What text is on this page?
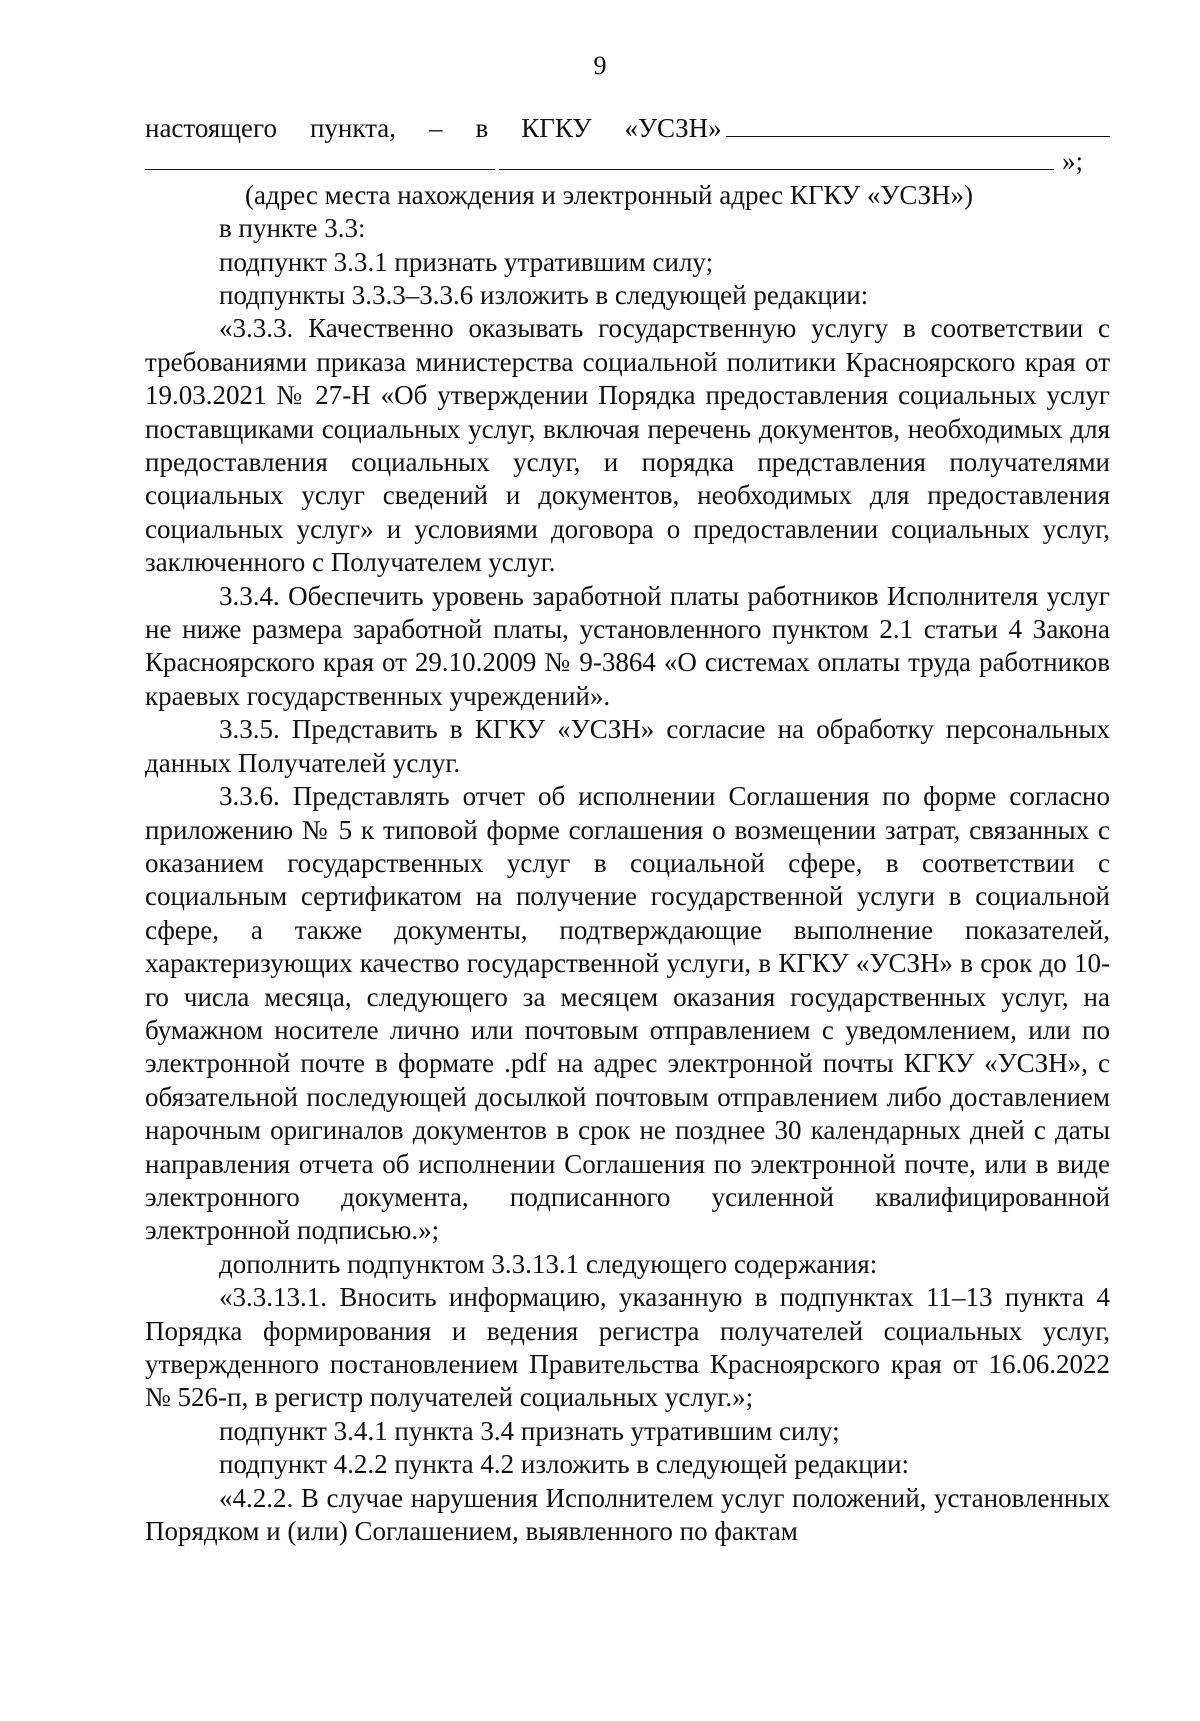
9
настоящего пункта, – в КГКУ «УСЗН»
»;

(адрес места нахождения и электронный адрес КГКУ «УСЗН»)

в пункте 3.3:

подпункт 3.3.1 признать утратившим силу;

подпункты 3.3.3–3.3.6 изложить в следующей редакции:

«3.3.3. Качественно оказывать государственную услугу в соответствии с требованиями приказа министерства социальной политики Красноярского края от 19.03.2021 № 27-Н «Об утверждении Порядка предоставления социальных услуг поставщиками социальных услуг, включая перечень документов, необходимых для предоставления социальных услуг, и порядка представления получателями социальных услуг сведений и документов, необходимых для предоставления социальных услуг» и условиями договора о предоставлении социальных услуг, заключенного с Получателем услуг.

3.3.4. Обеспечить уровень заработной платы работников Исполнителя услуг не ниже размера заработной платы, установленного пунктом 2.1 статьи 4 Закона Красноярского края от 29.10.2009 № 9-3864 «О системах оплаты труда работников краевых государственных учреждений».

3.3.5. Представить в КГКУ «УСЗН» согласие на обработку персональных данных Получателей услуг.

3.3.6. Представлять отчет об исполнении Соглашения по форме согласно приложению № 5 к типовой форме соглашения о возмещении затрат, связанных с оказанием государственных услуг в социальной сфере, в соответствии с социальным сертификатом на получение государственной услуги в социальной сфере, а также документы, подтверждающие выполнение показателей, характеризующих качество государственной услуги, в КГКУ «УСЗН» в срок до 10-го числа месяца, следующего за месяцем оказания государственных услуг, на бумажном носителе лично или почтовым отправлением с уведомлением, или по электронной почте в формате .pdf на адрес электронной почты КГКУ «УСЗН», с обязательной последующей досылкой почтовым отправлением либо доставлением нарочным оригиналов документов в срок не позднее 30 календарных дней с даты направления отчета об исполнении Соглашения по электронной почте, или в виде электронного документа, подписанного усиленной квалифицированной электронной подписью.»;

дополнить подпунктом 3.3.13.1 следующего содержания:

«3.3.13.1. Вносить информацию, указанную в подпунктах 11–13 пункта 4 Порядка формирования и ведения регистра получателей социальных услуг, утвержденного постановлением Правительства Красноярского края от 16.06.2022 № 526-п, в регистр получателей социальных услуг.»;

подпункт 3.4.1 пункта 3.4 признать утратившим силу;

подпункт 4.2.2 пункта 4.2 изложить в следующей редакции:

«4.2.2. В случае нарушения Исполнителем услуг положений, установленных Порядком и (или) Соглашением, выявленного по фактам
